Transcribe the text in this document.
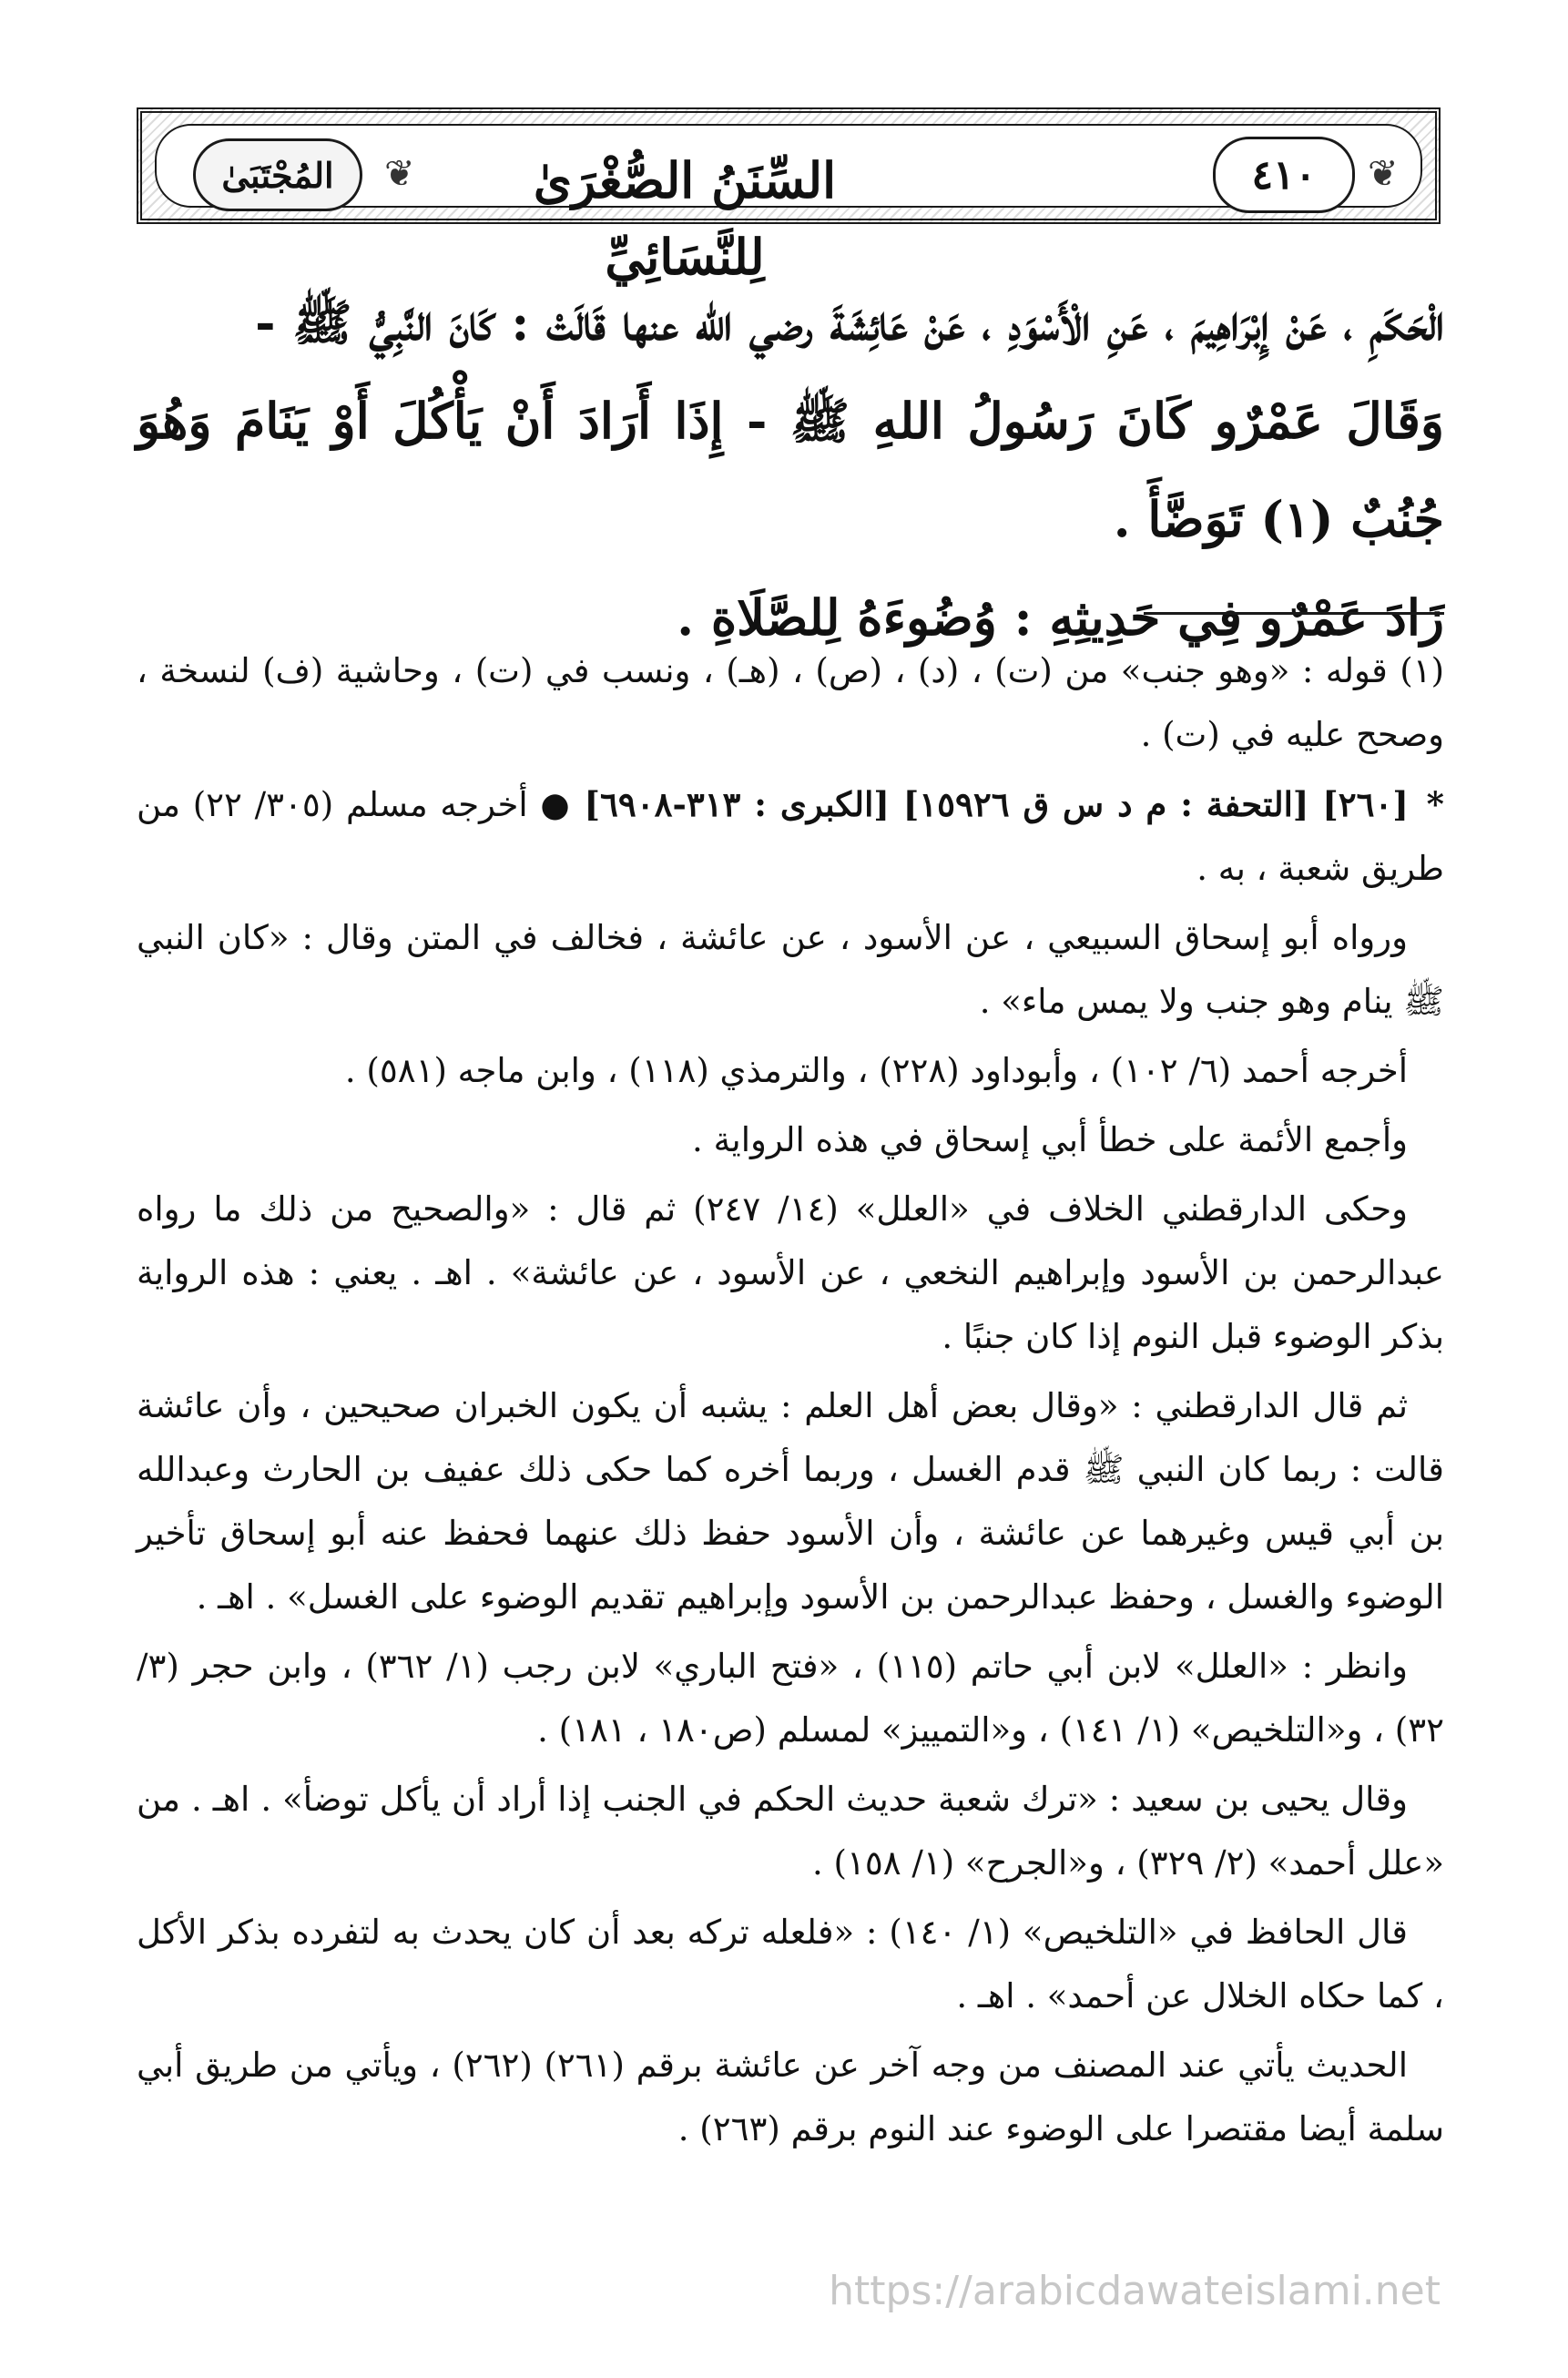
❦	❦
المُجْتَبَىٰ	السِّنَنُ الصُّغْرَىٰ لِلنَّسَائِيِّ
٤١٠

الْحَكَمِ ، عَنْ إِبْرَاهِيمَ ، عَنِ الْأَسْوَدِ ، عَنْ عَائِشَةَ رضي الله عنها قَالَتْ : كَانَ النَّبِيُّ ﷺ -

وَقَالَ عَمْرٌو كَانَ رَسُولُ اللهِ ﷺ - إِذَا أَرَادَ أَنْ يَأْكُلَ أَوْ يَنَامَ وَهُوَ جُنُبٌ (١) تَوَضَّأَ .

زَادَ عَمْرٌو فِي حَدِيثِهِ : وُضُوءَهُ لِلصَّلَاةِ .

(١) قوله : «وهو جنب» من (ت) ، (د) ، (ص) ، (هـ) ، ونسب في (ت) ، وحاشية (ف) لنسخة ، وصحح عليه في (ت) .

* [٢٦٠] [التحفة : م د س ق ١٥٩٢٦] [الكبرى : ٣١٣-٦٩٠٨] ● أخرجه مسلم (٣٠٥/ ٢٢) من طريق شعبة ، به .

ورواه أبو إسحاق السبيعي ، عن الأسود ، عن عائشة ، فخالف في المتن وقال : «كان النبي ﷺ ينام وهو جنب ولا يمس ماء» .

أخرجه أحمد (٦/ ١٠٢) ، وأبوداود (٢٢٨) ، والترمذي (١١٨) ، وابن ماجه (٥٨١) .

وأجمع الأئمة على خطأ أبي إسحاق في هذه الرواية .

وحكى الدارقطني الخلاف في «العلل» (١٤/ ٢٤٧) ثم قال : «والصحيح من ذلك ما رواه عبدالرحمن بن الأسود وإبراهيم النخعي ، عن الأسود ، عن عائشة» . اهـ . يعني : هذه الرواية بذكر الوضوء قبل النوم إذا كان جنبًا .

ثم قال الدارقطني : «وقال بعض أهل العلم : يشبه أن يكون الخبران صحيحين ، وأن عائشة قالت : ربما كان النبي ﷺ قدم الغسل ، وربما أخره كما حكى ذلك عفيف بن الحارث وعبدالله بن أبي قيس وغيرهما عن عائشة ، وأن الأسود حفظ ذلك عنهما فحفظ عنه أبو إسحاق تأخير الوضوء والغسل ، وحفظ عبدالرحمن بن الأسود وإبراهيم تقديم الوضوء على الغسل» . اهـ .

وانظر : «العلل» لابن أبي حاتم (١١٥) ، «فتح الباري» لابن رجب (١/ ٣٦٢) ، وابن حجر (٣/ ٣٢) ، و«التلخيص» (١/ ١٤١) ، و«التمييز» لمسلم (ص١٨٠ ، ١٨١) .

وقال يحيى بن سعيد : «ترك شعبة حديث الحكم في الجنب إذا أراد أن يأكل توضأ» . اهـ . من «علل أحمد» (٢/ ٣٢٩) ، و«الجرح» (١/ ١٥٨) .

قال الحافظ في «التلخيص» (١/ ١٤٠) : «فلعله تركه بعد أن كان يحدث به لتفرده بذكر الأكل ، كما حكاه الخلال عن أحمد» . اهـ .

الحديث يأتي عند المصنف من وجه آخر عن عائشة برقم (٢٦١) (٢٦٢) ، ويأتي من طريق أبي سلمة أيضا مقتصرا على الوضوء عند النوم برقم (٢٦٣) .

https://arabicdawateislami.net
